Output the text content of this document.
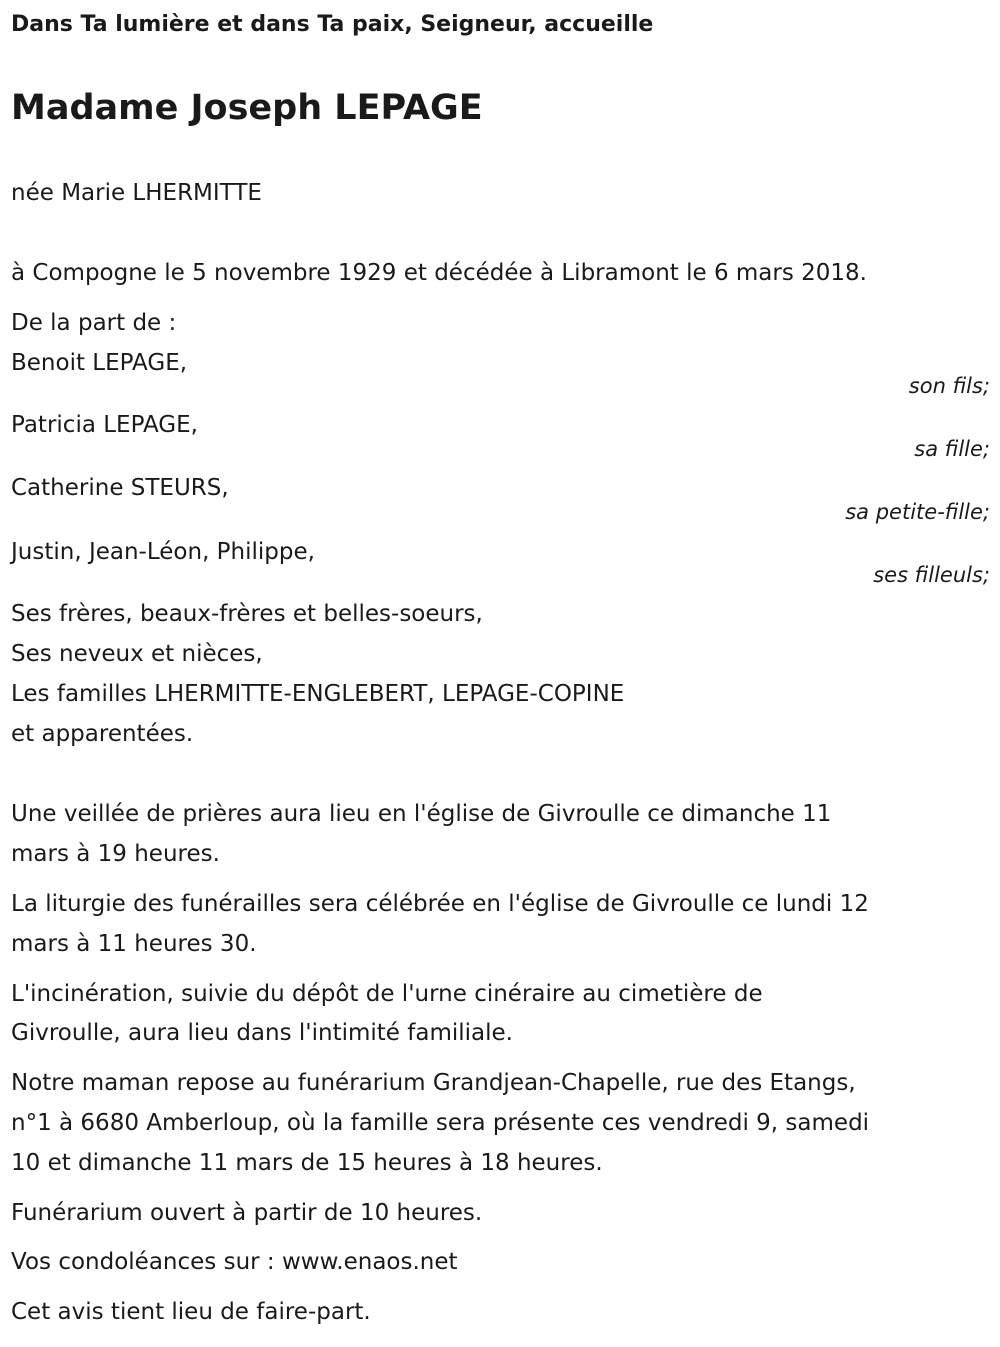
Dans Ta lumière et dans Ta paix, Seigneur, accueille
Madame Joseph LEPAGE
née Marie LHERMITTE
à Compogne le 5 novembre 1929 et décédée à Libramont le 6 mars 2018.
De la part de :
Benoit LEPAGE,
son fils;
Patricia LEPAGE,
sa fille;
Catherine STEURS,
sa petite-fille;
Justin, Jean-Léon, Philippe,
ses filleuls;
Ses frères, beaux-frères et belles-soeurs,
Ses neveux et nièces,
Les familles LHERMITTE-ENGLEBERT, LEPAGE-COPINE
et apparentées.
Une veillée de prières aura lieu en l'église de Givroulle ce dimanche 11
mars à 19 heures.
La liturgie des funérailles sera célébrée en l'église de Givroulle ce lundi 12
mars à 11 heures 30.
L'incinération, suivie du dépôt de l'urne cinéraire au cimetière de
Givroulle, aura lieu dans l'intimité familiale.
Notre maman repose au funérarium Grandjean-Chapelle, rue des Etangs,
n°1 à 6680 Amberloup, où la famille sera présente ces vendredi 9, samedi
10 et dimanche 11 mars de 15 heures à 18 heures.
Funérarium ouvert à partir de 10 heures.
Vos condoléances sur : www.enaos.net
Cet avis tient lieu de faire-part.
